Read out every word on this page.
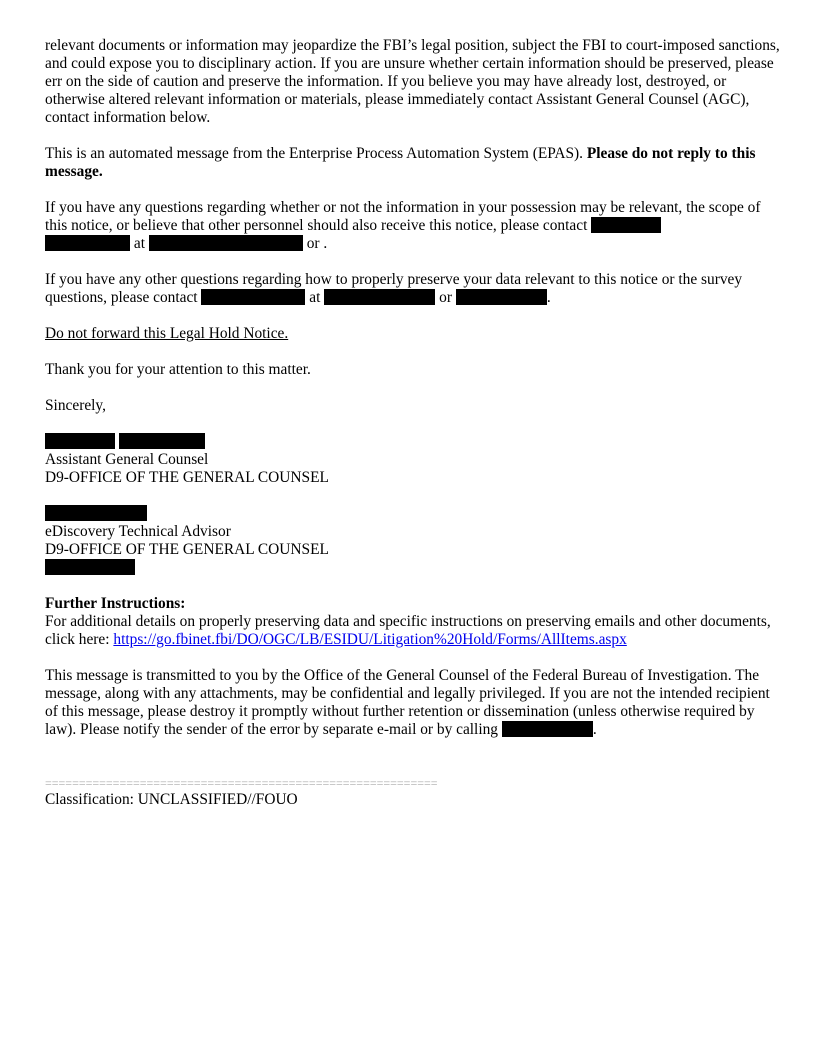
relevant documents or information may jeopardize the FBI’s legal position, subject the FBI to court-imposed sanctions, and could expose you to disciplinary action. If you are unsure whether certain information should be preserved, please err on the side of caution and preserve the information. If you believe you may have already lost, destroyed, or otherwise altered relevant information or materials, please immediately contact Assistant General Counsel (AGC), contact information below.

This is an automated message from the Enterprise Process Automation System (EPAS). Please do not reply to this message.

If you have any questions regarding whether or not the information in your possession may be relevant, the scope of this notice, or believe that other personnel should also receive this notice, please contact
at	or .

If you have any other questions regarding how to properly preserve your data relevant to this notice or the survey questions, please contact	at	or	.

Do not forward this Legal Hold Notice.

Thank you for your attention to this matter.

Sincerely,

Assistant General Counsel
D9-OFFICE OF THE GENERAL COUNSEL
eDiscovery Technical Advisor
D9-OFFICE OF THE GENERAL COUNSEL
Further Instructions:
For additional details on properly preserving data and specific instructions on preserving emails and other documents, click here: https://go.fbinet.fbi/DO/OGC/LB/ESIDU/Litigation%20Hold/Forms/AllItems.aspx

This message is transmitted to you by the Office of the General Counsel of the Federal Bureau of Investigation. The message, along with any attachments, may be confidential and legally privileged. If you are not the intended recipient of this message, please destroy it promptly without further retention or dissemination (unless otherwise required by law). Please notify the sender of the error by separate e-mail or by calling	.

==========================================================
Classification: UNCLASSIFIED//FOUO
